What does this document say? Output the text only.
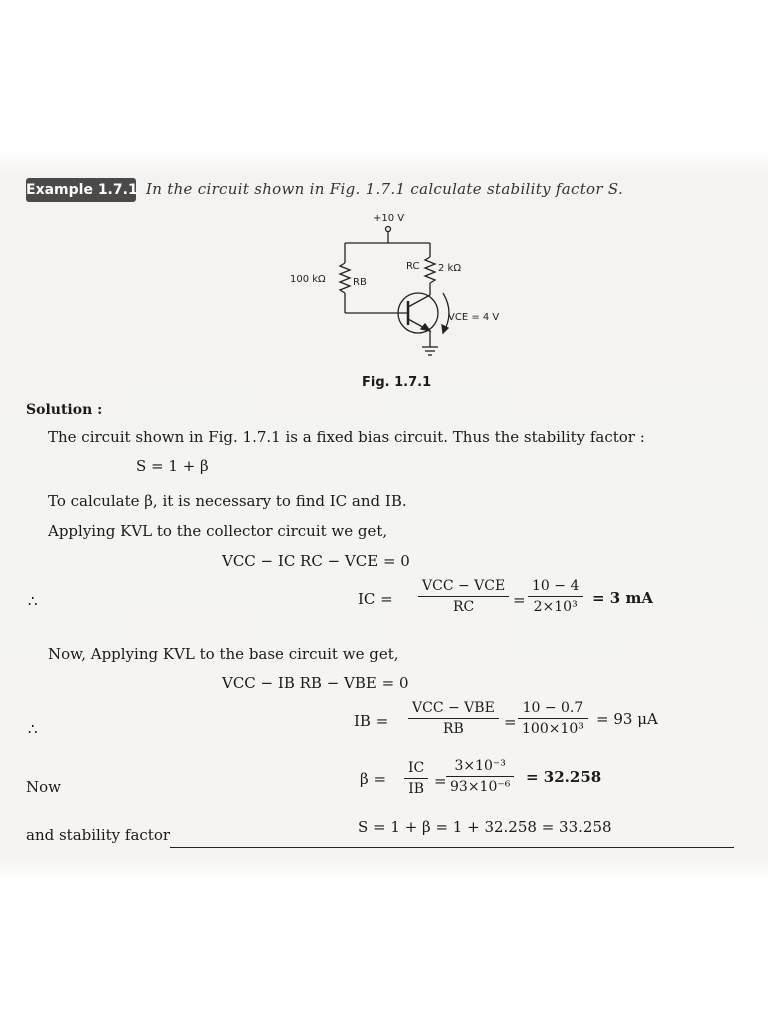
Example 1.7.1 In the circuit shown in Fig. 1.7.1 calculate stability factor S.
+10 V
100 kΩ	RB
RC 2 kΩ
VCE = 4 V
Fig. 1.7.1
Solution :
The circuit shown in Fig. 1.7.1 is a fixed bias circuit. Thus the stability factor :
S = 1 + β
To calculate β, it is necessary to find IC and IB.
Applying KVL to the collector circuit we get,
VCC − IC RC − VCE = 0
∴	IC =
VCC − VCE
RC	=
10 − 4
2×10³ = 3 mA
Now, Applying KVL to the base circuit we get,
VCC − IB RB − VBE = 0
∴	IB =
VCC − VBE
RB	=
10 − 0.7
100×10³
= 93 μA
Now	β =
IC
IB =
3×10⁻³
93×10⁻⁶
= 32.258
and stability factor	S = 1 + β = 1 + 32.258 = 33.258
